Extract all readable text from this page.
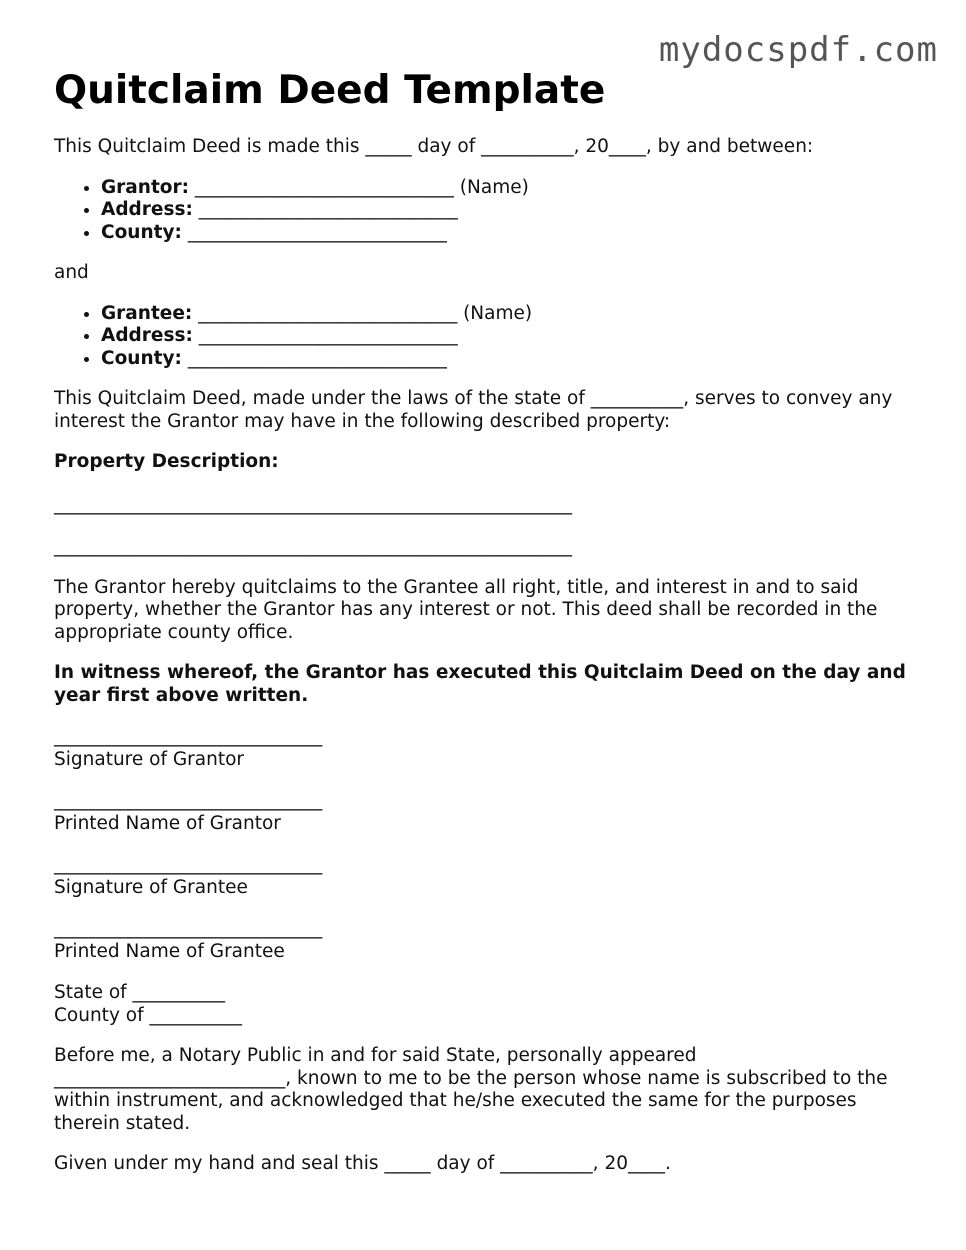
mydocspdf.com
Quitclaim Deed Template

This Quitclaim Deed is made this _____ day of __________, 20____, by and between:

• Grantor: ____________________________ (Name)
• Address: ____________________________
• County: ____________________________

and

• Grantee: ____________________________ (Name)
• Address: ____________________________
• County: ____________________________

This Quitclaim Deed, made under the laws of the state of __________, serves to convey any interest the Grantor may have in the following described property:

Property Description:

________________________________________________________
________________________________________________________

The Grantor hereby quitclaims to the Grantee all right, title, and interest in and to said property, whether the Grantor has any interest or not. This deed shall be recorded in the appropriate county office.

In witness whereof, the Grantor has executed this Quitclaim Deed on the day and year first above written.

_____________________________
Signature of Grantor
_____________________________
Printed Name of Grantor
_____________________________
Signature of Grantee
_____________________________
Printed Name of Grantee
State of __________
County of __________

Before me, a Notary Public in and for said State, personally appeared _________________________, known to me to be the person whose name is subscribed to the within instrument, and acknowledged that he/she executed the same for the purposes therein stated.

Given under my hand and seal this _____ day of __________, 20____.
